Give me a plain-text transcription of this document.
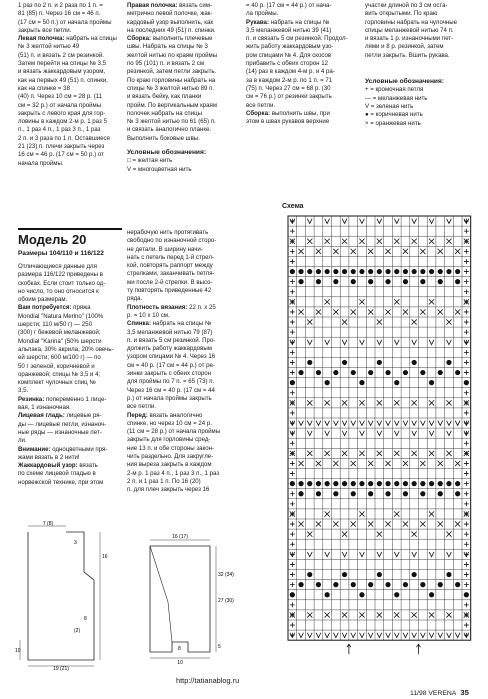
1 раз по 2 п. и 2 раза по 1 п. =

81 (85) п. Через 16 см = 46 п.

(17 см = 50 п.) от начала проймы

закрыть все петли.

Левая полочка: набрать на спицы № 3 желтой нитью 49

(51) п. и вязать 2 см резинкой.

Затем перейти на спицы № 3,5

и вязать жаккардовым узором,

как на первых 49 (51) п. спинки,

как на спинке = 38

(40) п. Через 10 см = 28 р. (11

см = 32 р.) от начала проймы

закрыть с левого края для гор-

ловины в каждом 2-м р. 1 раз 5

п., 1 раз 4 п., 1 раз 3 п., 1 раз

2 п. и 3 раза по 1 п. Оставшиеся

21 (23) п. плечи закрыть через

16 см = 46 р. (17 см = 50 р.) от

начала проймы.

Правая полочка: вязать сим-

метрично левой полочке, жак-

кардовый узор выполнить, как

на последних 49 (51) п. спинки.

Сборка: выполнить плечевые

швы. Набрать на спицы № 3

желтой нитью по краям проймы

по 95 (101) п. и вязать 2 см

резинкой, затем петли закрыть.

По краю горловины набрать на

спицы № 3 желтой нитью 89 п.

и вязать бейку, как планки

пройм. По вертикальным краям

полочек набрать на спицы

№ 3 желтой нитью по 61 (65) п.

и связать аналогично планке.

Выполнить боковые швы.

Условные обозначения:

□ = желтая нить

V = многоцветная нить

= 40 р. (17 см = 44 р.) от нача-

ла проймы.

Рукава: набрать на спицы №

3,5 меланжевой нитью 39 (41)

п. и связать 5 см резинкой. Продол-

жить работу жаккардовым узо-

ром спицами № 4. Для скосов

прибавить с обеих сторон 12

(14) раз в каждом 4-м р. и 4 ра-

за в каждом 2-м р. по 1 п. = 71

(75) п. Через 27 см = 68 р. (30

см = 76 р.) от резинки закрыть

все петли.

Сборка: выполнить швы, при

этом в швах рукавов верхние

участки длиной по 3 см оста-

вить открытыми. По краю

горловины набрать на чулочные

спицы меланжевой нитью 74 п.

и вязать 1 р. изнаночными пет-

лями и 8 р. резинкой, затем

петли закрыть. Вшить рукава.

Условные обозначения:

+ = кромочная петля

— = меланжевая нить

V = зеленая нить

● = коричневая нить

× = оранжевая нить

Модель 20
Размеры 104/110 и 116/122

Отличающиеся данные для

размера 116/122 приведены в

скобках. Если стоит только од-

но число, то оно относится к

обоим размерам.

Вам потребуется: пряжа

Mondial "Natura Merino" (100%

шерсти; 110 м/50 г) — 250

(300) г бежевой меланжевой;

Mondial "Karina" (50% шерсти

альпака, 30% акрила, 20% овечь-

ей шерсти; 600 м/100 г) — по

50 г зеленой, коричневой и

оранжевой; спицы № 3,5 и 4;

комплект чулочных спиц №

3,5.

Резинка: попеременно 1 лице-

вая, 1 изнаночная.

Лицевая гладь: лицевые ря-

ды — лицевые петли, изнаноч-

ные ряды — изнаночные пет-

ли.

Внимание: одноцветными пря-

жами вязать в 2 нити!

Жаккардовый узор: вязать

по схеме лицевой гладью в

норвежской технике, при этом

нерабочую нить протягивать

свободно по изнаночной сторо-

не детали. В ширину начи-

нать с петель перед 1-й стрел-

кой, повторять раппорт между

стрелками, заканчивать петля-

ми после 2-й стрелки. В высо-

ту повторять приведенные 42

ряда.

Плотность вязания: 22 п. х 25

р. = 10 х 10 см.

Спинка: набрать на спицы №

3,5 меланжевой нитью 79 (87)

п. и вязать 5 см резинкой. Про-

должить работу жаккардовым

узором спицами № 4. Через 16

см = 40 р. (17 см = 44 р.) от ре-

зинки закрыть с обеих сторон

для проймы по 7 п. = 65 (73) п.

Через 16 см = 40 р. (17 см = 44

р.) от начала проймы закрыть

все петли.

Перед: вязать аналогично

спинке, но через 10 см = 24 р.

(11 см = 28 р.) от начала проймы

закрыть для горловины сред-

ние 13 п. и обе стороны закон-

чить раздельно. Для закругле-

ния выреза закрыть в каждом

2-м р. 1 раз 4 п., 1 раз 3 п., 1 раз

2 п. и 1 раз 1 п. По 16 (20)

п. для плеч закрыть через 16

7 (8)
3
16
8
(2)
10
19 (21)
16 (17)
32 (34)
27 (30)
5
8
10
Схема
http://tatianablog.ru
11/98 VERENA 35
